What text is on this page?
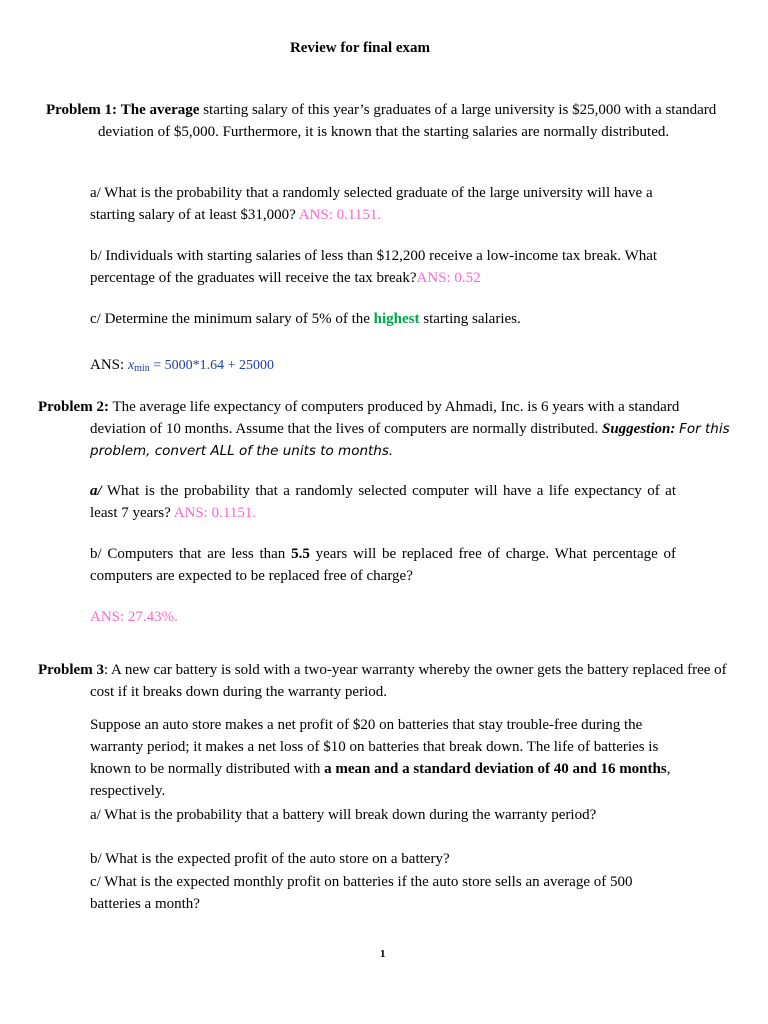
Review for final exam
Problem 1: The average starting salary of this year’s graduates of a large university is $25,000 with a standard deviation of $5,000. Furthermore, it is known that the starting salaries are normally distributed.
a/ What is the probability that a randomly selected graduate of the large university will have a starting salary of at least $31,000? ANS: 0.1151.
b/ Individuals with starting salaries of less than $12,200 receive a low-income tax break. What percentage of the graduates will receive the tax break?ANS: 0.52
c/ Determine the minimum salary of 5% of the highest starting salaries.
ANS: $x_{min} = 5000*1.64 + 25000$
Problem 2: The average life expectancy of computers produced by Ahmadi, Inc. is 6 years with a standard deviation of 10 months. Assume that the lives of computers are normally distributed. Suggestion: For this problem, convert ALL of the units to months.
a/ What is the probability that a randomly selected computer will have a life expectancy of at least 7 years? ANS: 0.1151.
b/ Computers that are less than 5.5 years will be replaced free of charge. What percentage of computers are expected to be replaced free of charge?
ANS: 27.43%.
Problem 3: A new car battery is sold with a two-year warranty whereby the owner gets the battery replaced free of cost if it breaks down during the warranty period.
Suppose an auto store makes a net profit of $20 on batteries that stay trouble-free during the warranty period; it makes a net loss of $10 on batteries that break down. The life of batteries is known to be normally distributed with a mean and a standard deviation of 40 and 16 months, respectively.
a/ What is the probability that a battery will break down during the warranty period?
b/ What is the expected profit of the auto store on a battery?
c/ What is the expected monthly profit on batteries if the auto store sells an average of 500 batteries a month?
1
